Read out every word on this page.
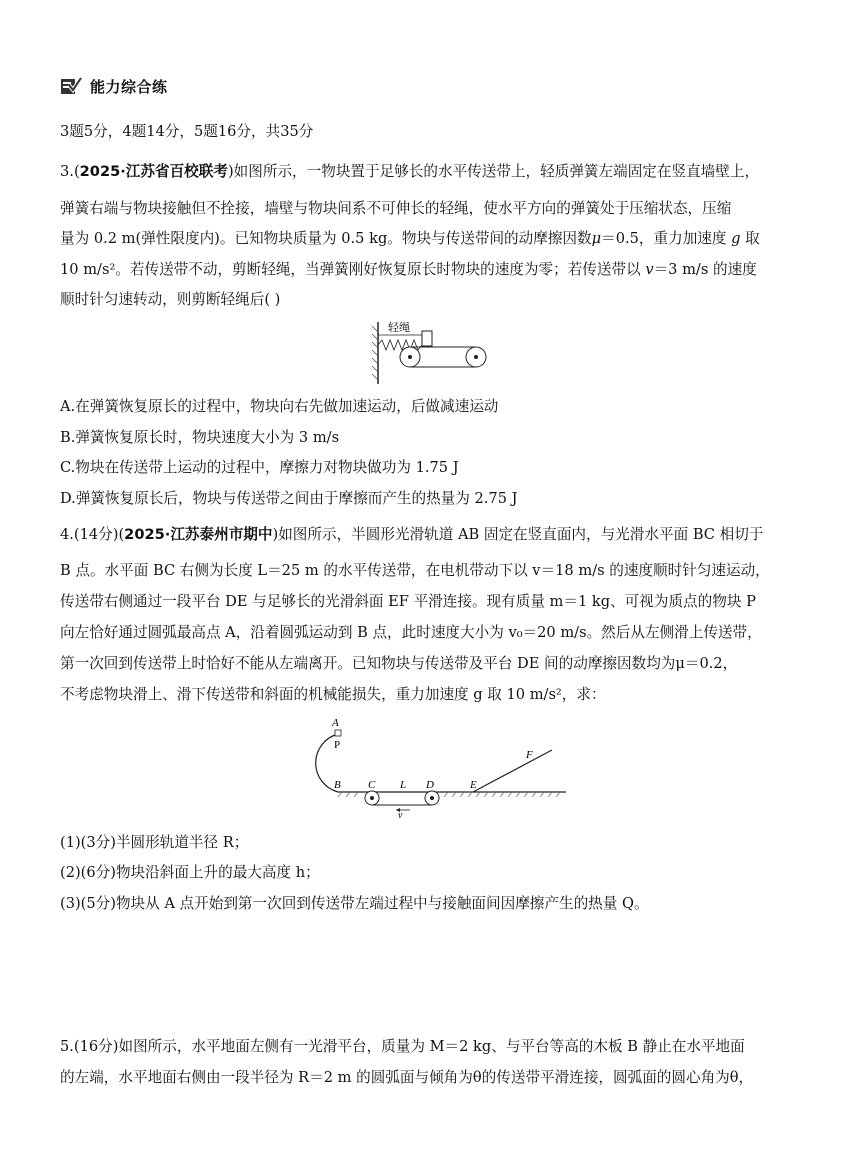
能力综合练
3题5分，4题14分，5题16分，共35分
3.(2025·江苏省百校联考)如图所示，一物块置于足够长的水平传送带上，轻质弹簧左端固定在竖直墙壁上，
弹簧右端与物块接触但不拴接，墙壁与物块间系不可伸长的轻绳，使水平方向的弹簧处于压缩状态，压缩
量为 0.2 m(弹性限度内)。已知物块质量为 0.5 kg。物块与传送带间的动摩擦因数μ＝0.5，重力加速度 g 取
10 m/s²。若传送带不动，剪断轻绳，当弹簧刚好恢复原长时物块的速度为零；若传送带以 v＝3 m/s 的速度
顺时针匀速转动，则剪断轻绳后( )
轻绳
A.在弹簧恢复原长的过程中，物块向右先做加速运动，后做减速运动
B.弹簧恢复原长时，物块速度大小为 3 m/s
C.物块在传送带上运动的过程中，摩擦力对物块做功为 1.75 J
D.弹簧恢复原长后，物块与传送带之间由于摩擦而产生的热量为 2.75 J
4.(14分)(2025·江苏泰州市期中)如图所示，半圆形光滑轨道 AB 固定在竖直面内，与光滑水平面 BC 相切于
B 点。水平面 BC 右侧为长度 L＝25 m 的水平传送带，在电机带动下以 v＝18 m/s 的速度顺时针匀速运动，
传送带右侧通过一段平台 DE 与足够长的光滑斜面 EF 平滑连接。现有质量 m＝1 kg、可视为质点的物块 P
向左恰好通过圆弧最高点 A，沿着圆弧运动到 B 点，此时速度大小为 v₀＝20 m/s。然后从左侧滑上传送带，
第一次回到传送带上时恰好不能从左端离开。已知物块与传送带及平台 DE 间的动摩擦因数均为μ＝0.2，
不考虑物块滑上、滑下传送带和斜面的机械能损失，重力加速度 g 取 10 m/s²，求：
A
P
B C L D	E
F
v
(1)(3分)半圆形轨道半径 R；
(2)(6分)物块沿斜面上升的最大高度 h；
(3)(5分)物块从 A 点开始到第一次回到传送带左端过程中与接触面间因摩擦产生的热量 Q。
5.(16分)如图所示，水平地面左侧有一光滑平台，质量为 M＝2 kg、与平台等高的木板 B 静止在水平地面
的左端，水平地面右侧由一段半径为 R＝2 m 的圆弧面与倾角为θ的传送带平滑连接，圆弧面的圆心角为θ，
